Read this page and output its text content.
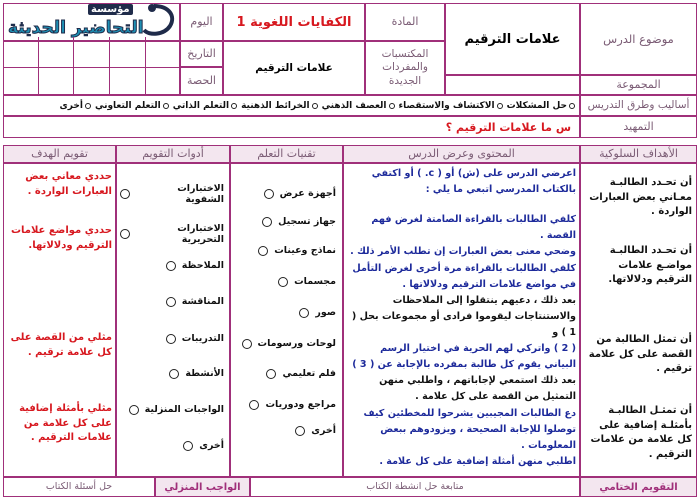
مؤسسة
التحاضير الحديثة
موضوع الدرس
علامات الترقيم
المادة
الكفايات اللغوية 1
اليوم
التاريخ
الحصة
المكتسبات والمفردات الجديدة
علامات الترقيم
المجموعة
أساليب وطرق التدريس
حل المشكلات
الاكتشاف والاستقصاء
العصف الذهني
الخرائط الذهنية
التعلم الذاتي
التعلم التعاوني
أخرى
التمهيد
س ما علامات الترقيم ؟
الأهداف السلوكية
المحتوى وعرض الدرس
تقنيات التعلم
أدوات التقويم
تقويم الهدف
أن تحـدد الطالبـة معـاني بعض العبارات الواردة .
أن تحـدد الطالبـة مواضـع علامات الترقيم ودلالاتها.
أن تمثل الطالبة من القصة على كل علامة ترقيم .
أن تمثـل الطالبـة بأمثلـة إضافية على كل علامة من علامات الترقيم .
اعرضي الدرس على (ش) أو ( c. ) أو اكتفي بالكتاب المدرسي اتبعي ما يلي :
كلفي الطالبات بالقراءة الصامتة لغرض فهم القصة .
وضحي معنى بعض العبارات إن تطلب الأمر ذلك .
كلفي الطالبات بالقراءة مرة أخرى لغرض التأمل في مواضع علامات الترقيم ودلالاتها .
بعد ذلك ، دعيهم ينتقلوا إلى الملاحظات والاستنتاجات ليقوموا فرادى أو مجموعات بحل ( 1 ) و
( 2 ) واتركي لهم الحرية في اختيار الرسم البياني يقوم كل طالبة بمفرده بالإجابة عن ( 3 )
بعد ذلك استمعي لإجاباتهم ، واطلبي منهن التمثيل من القصة على كل علامة .
دع الطالبات المجيبين يشرحوا للمخطئين كيف توصلوا للإجابة الصحيحة ، ويزودوهم ببعض المعلومات .
اطلبي منهن أمثلة إضافية على كل علامة .
أجهزة عرض
جهاز تسجيل
نماذج وعينات
مجسمات
صور
لوحات ورسومات
فلم تعليمي
مراجع ودوريات
أخرى
الاختبارات الشفوية
الاختبارات التحريرية
الملاحظة
المناقشة
التدريبات
الأنشطة
الواجبات المنزلية
أخرى
حددي معاني بعض العبارات الواردة .
حددي مواضع علامات الترقيم ودلالاتها.
مثلي من القصة على كل علامة ترقيم .
مثلي بأمثلة إضافية على كل علامة من علامات الترقيم .
التقويم الختامي
متابعة حل انشطة الكتاب
الواجب المنزلي
حل أسئلة الكتاب
